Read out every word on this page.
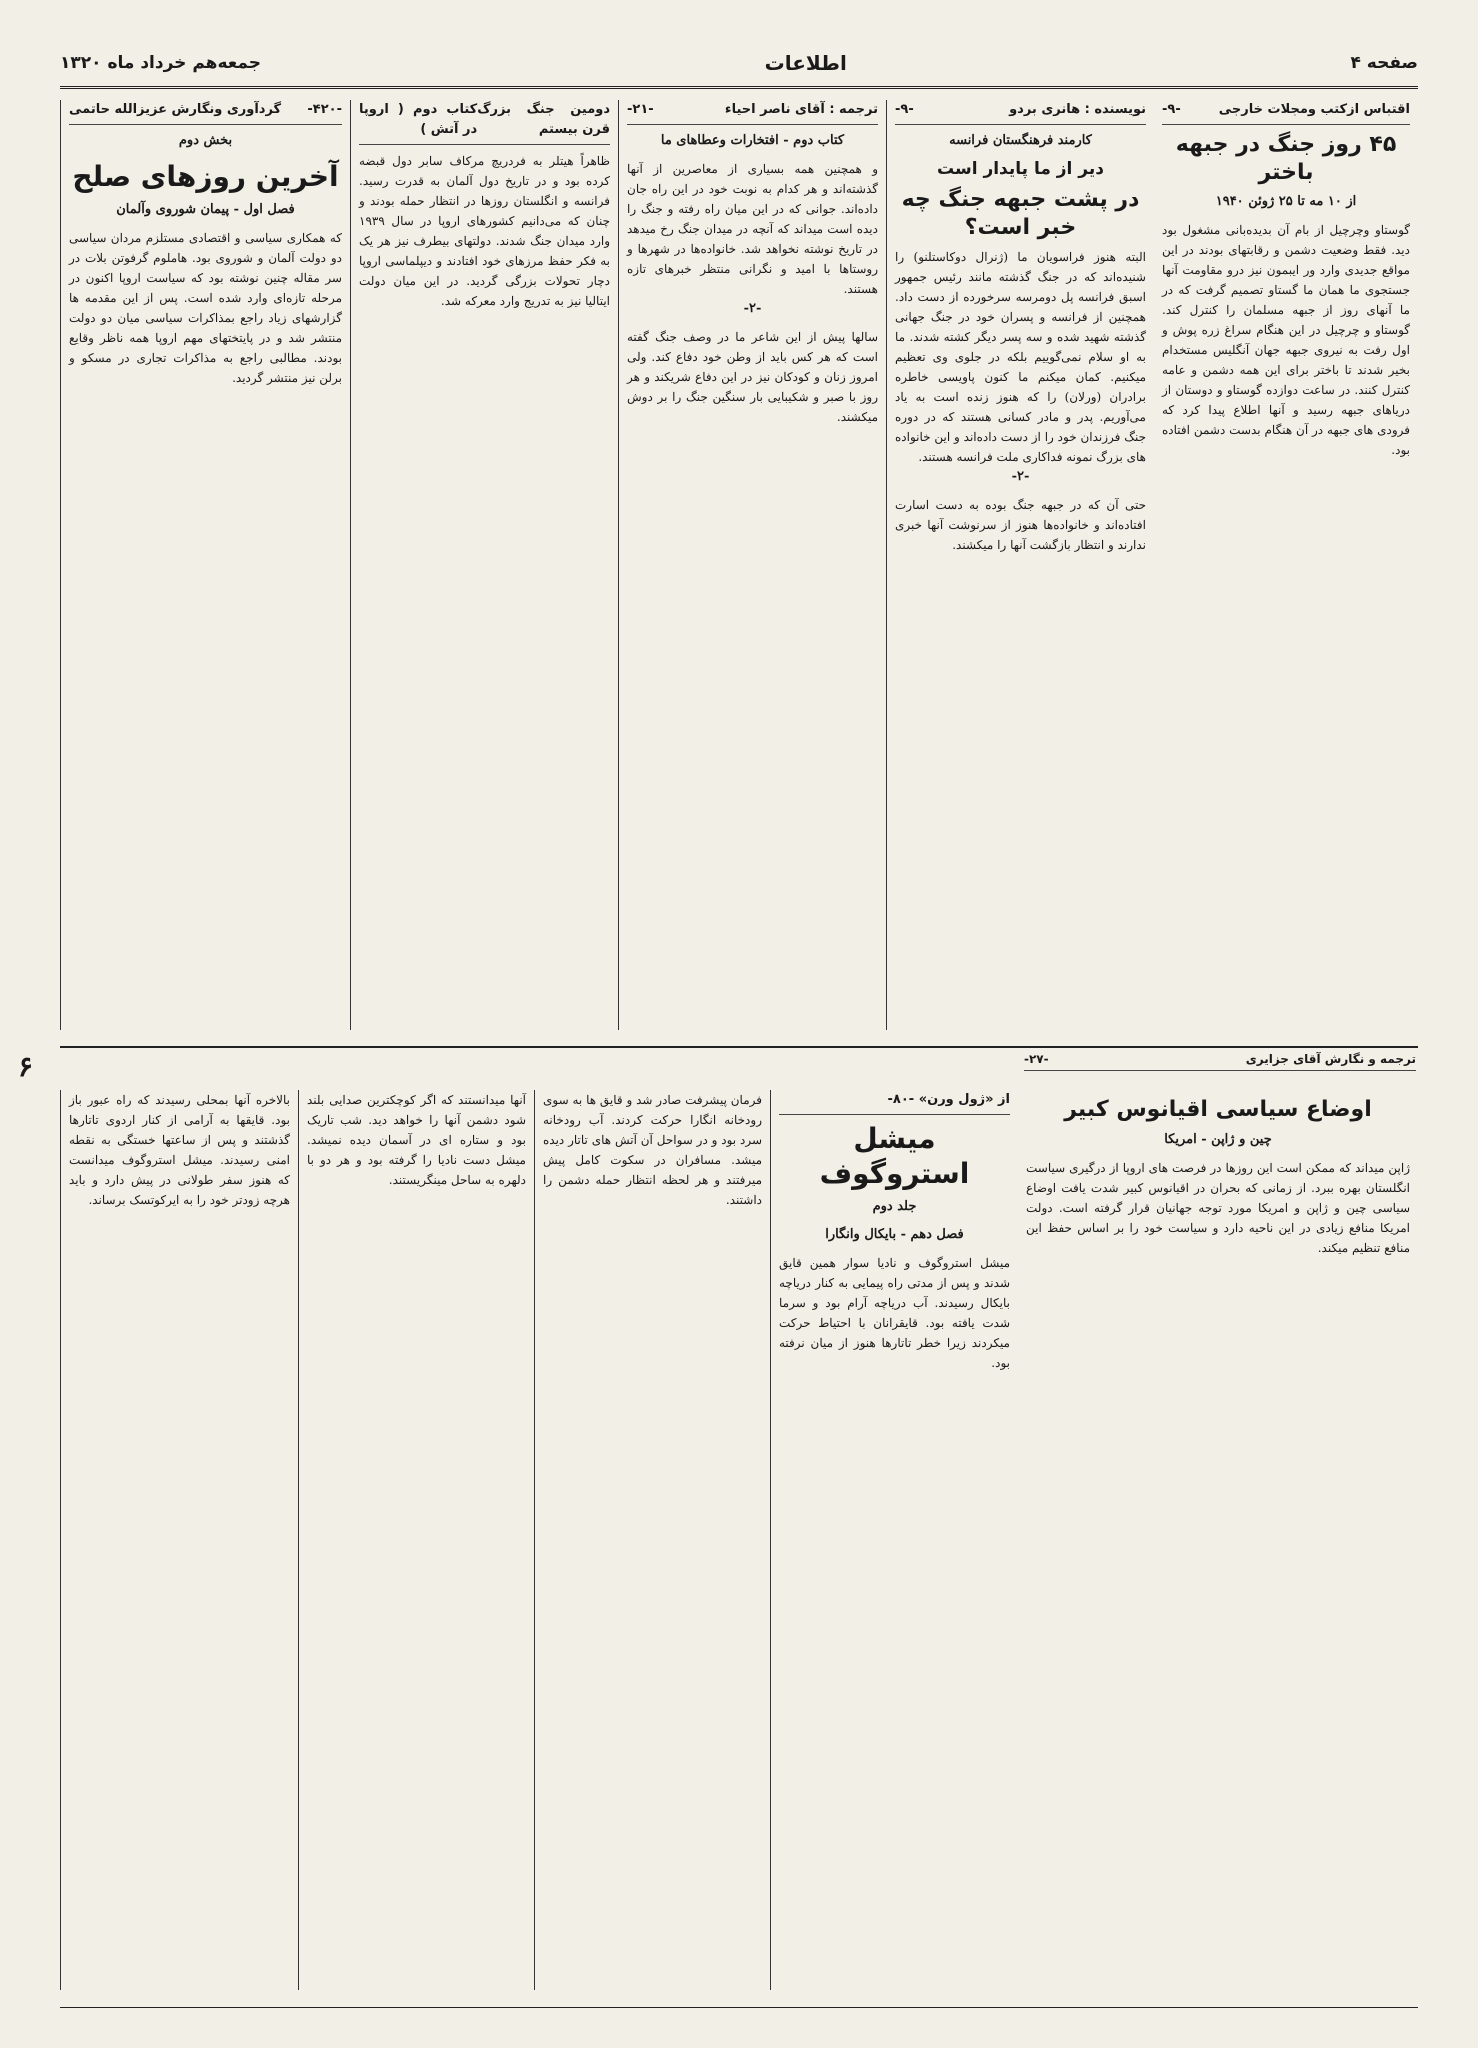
صفحه ۴
اطلاعات
جمعه‌هم خرداد ماه ۱۳۲۰
اقتباس ازکتب ومجلات خارجی
-۹-
۴۵ روز جنگ در جبهه باختر
از ۱۰ مه تا ۲۵ ژوئن ۱۹۴۰

گوستاو وچرچیل از بام آن بدیده‌بانی مشغول بود دید. فقط وضعیت دشمن و رقابتهای بودند در این مواقع جدیدی وارد ور ایبمون نیز درو مقاومت آنها جستجوی ما همان ما گستاو تصمیم گرفت که در ما آنهای روز از جبهه مسلمان را کنترل کند. گوستاو و چرچیل در این هنگام سراغ زره پوش و اول رفت به نیروی جبهه جهان آنگلیس مستخدام بخیر شدند تا باختر برای این همه دشمن و عامه کنترل کنند. در ساعت دوازده گوستاو و دوستان از دریاهای جبهه رسید و آنها اطلاع پیدا کرد که فرودی های جبهه در آن هنگام بدست دشمن افتاده بود.

نویسنده : هانری بردو
-۹-
کارمند فرهنگستان فرانسه
دیر از ما پایدار است
در پشت جبهه جنگ چه خبر است؟

البته هنوز فراسویان ما (ژنرال دوکاستلنو) را شنیده‌اند که در جنگ گذشته مانند رئیس جمهور اسبق فرانسه پل دومرسه سرخورده از دست داد. همچنین از فرانسه و پسران خود در جنگ جهانی گذشته شهید شده و سه پسر دیگر کشته شدند. ما به او سلام نمی‌گوییم بلکه در جلوی وی تعظیم میکنیم. کمان میکنم ما کنون پاویسی خاطره برادران (ورلان) را که هنوز زنده است به یاد می‌آوریم. پدر و مادر کسانی هستند که در دوره جنگ فرزندان خود را از دست داده‌اند و این خانواده های بزرگ نمونه فداکاری ملت فرانسه هستند.

-۲-

حتی آن که در جبهه جنگ بوده به دست اسارت افتاده‌اند و خانواده‌ها هنوز از سرنوشت آنها خبری ندارند و انتظار بازگشت آنها را میکشند.

ترجمه : آقای ناصر احیاء
-۲۱-
کتاب دوم - افتخارات وعطاهای ما

و همچنین همه بسیاری از معاصرین از آنها گذشته‌اند و هر کدام به نوبت خود در این راه جان داده‌اند. جوانی که در این میان راه رفته و جنگ را دیده است میداند که آنچه در میدان جنگ رخ میدهد در تاریخ نوشته نخواهد شد. خانواده‌ها در شهرها و روستاها با امید و نگرانی منتظر خبرهای تازه هستند.

-۲-

سالها پیش از این شاعر ما در وصف جنگ گفته است که هر کس باید از وطن خود دفاع کند. ولی امروز زنان و کودکان نیز در این دفاع شریکند و هر روز با صبر و شکیبایی بار سنگین جنگ را بر دوش میکشند.

دومین جنگ بزرگ قرن بیستم
کتاب دوم ( اروپا در آتش )

ظاهراً هیتلر به فردریچ مرکاف سابر دول قبضه کرده بود و در تاریخ دول آلمان به قدرت رسید. فرانسه و انگلستان روزها در انتظار حمله بودند و چنان که می‌دانیم کشورهای اروپا در سال ۱۹۳۹ وارد میدان جنگ شدند. دولتهای بیطرف نیز هر یک به فکر حفظ مرزهای خود افتادند و دیپلماسی اروپا دچار تحولات بزرگی گردید. در این میان دولت ایتالیا نیز به تدریج وارد معرکه شد.

-۴۲۰-
گردآوری ونگارش عزیزالله حاتمی
بخش دوم
آخرین روزهای صلح
فصل اول - پیمان شوروی وآلمان

که همکاری سیاسی و اقتصادی مستلزم مردان سیاسی دو دولت آلمان و شوروی بود. هاملوم گرفوتن بلات در سر مقاله چنین نوشته بود که سیاست اروپا اکنون در مرحله تازه‌ای وارد شده است. پس از این مقدمه ها گزارشهای زیاد راجع بمذاکرات سیاسی میان دو دولت منتشر شد و در پایتختهای مهم اروپا همه ناظر وقایع بودند. مطالبی راجع به مذاکرات تجاری در مسکو و برلن نیز منتشر گردید.

۶	ترجمه و نگارش آقای جزایری
-۲۷-
اوضاع سیاسی اقیانوس کبیر
چین و ژاپن - امریکا

ژاپن میداند که ممکن است این روزها در فرصت های اروپا از درگیری سیاست انگلستان بهره ببرد. از زمانی که بحران در اقیانوس کبیر شدت یافت اوضاع سیاسی چین و ژاپن و امریکا مورد توجه جهانیان قرار گرفته است. دولت امریکا منافع زیادی در این ناحیه دارد و سیاست خود را بر اساس حفظ این منافع تنظیم میکند.

از «ژول ورن» -۸۰-
میشل استروگوف
جلد دوم
فصل دهم - بایکال وانگارا

میشل استروگوف و نادیا سوار همین قایق شدند و پس از مدتی راه پیمایی به کنار دریاچه بایکال رسیدند. آب دریاچه آرام بود و سرما شدت یافته بود. قایقرانان با احتیاط حرکت میکردند زیرا خطر تاتارها هنوز از میان نرفته بود.

فرمان پیشرفت صادر شد و قایق ها به سوی رودخانه انگارا حرکت کردند. آب رودخانه سرد بود و در سواحل آن آتش های تاتار دیده میشد. مسافران در سکوت کامل پیش میرفتند و هر لحظه انتظار حمله دشمن را داشتند.

آنها میدانستند که اگر کوچکترین صدایی بلند شود دشمن آنها را خواهد دید. شب تاریک بود و ستاره ای در آسمان دیده نمیشد. میشل دست نادیا را گرفته بود و هر دو با دلهره به ساحل مینگریستند.

بالاخره آنها بمحلی رسیدند که راه عبور باز بود. قایقها به آرامی از کنار اردوی تاتارها گذشتند و پس از ساعتها خستگی به نقطه امنی رسیدند. میشل استروگوف میدانست که هنوز سفر طولانی در پیش دارد و باید هرچه زودتر خود را به ایرکوتسک برساند.
